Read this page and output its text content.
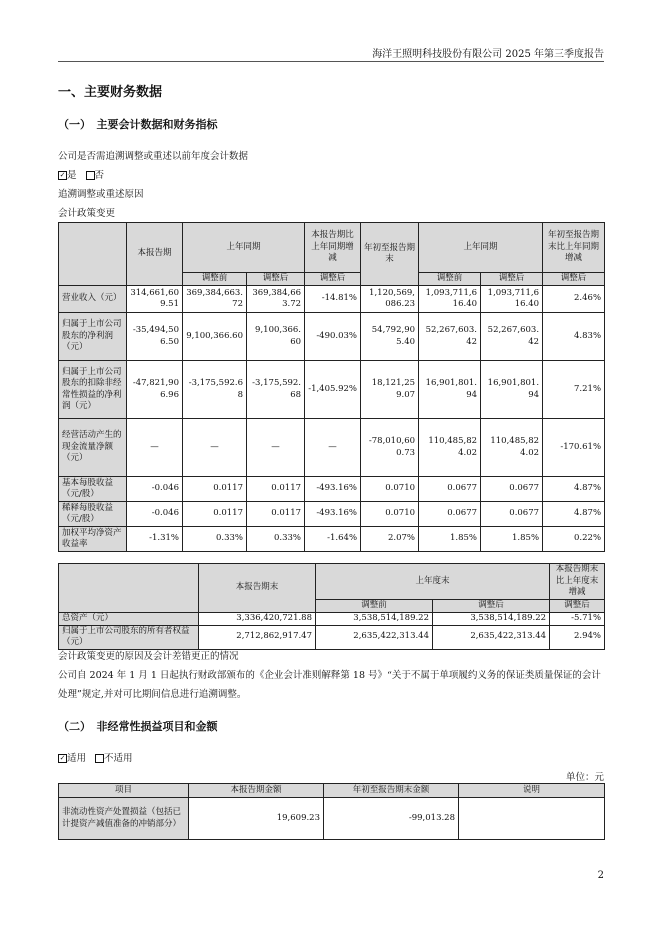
海洋王照明科技股份有限公司 2025 年第三季度报告
一、主要财务数据
（一）　主要会计数据和财务指标
公司是否需追溯调整或重述以前年度会计数据
✓ 是 否
追溯调整或重述原因
会计政策变更
	本报告期	上年同期		本报告期比上年同期增减	年初至报告期末	上年同期		年初至报告期末比上年同期增减
		调整前	调整后	调整后		调整前	调整后	调整后
营业收入（元）	314,661,609.51	369,384,663.72	369,384,663.72	-14.81%	1,120,569,086.23	1,093,711,616.40	1,093,711,616.40	2.46%
归属于上市公司股东的净利润（元）	-35,494,506.50	9,100,366.60	9,100,366.60	-490.03%	54,792,905.40	52,267,603.42	52,267,603.42	4.83%
归属于上市公司股东的扣除非经常性损益的净利润（元）	-47,821,906.96	-3,175,592.68	-3,175,592.68	-1,405.92%	18,121,259.07	16,901,801.94	16,901,801.94	7.21%
经营活动产生的现金流量净额（元）	—	—	—	—	-78,010,600.73	110,485,824.02	110,485,824.02	-170.61%
基本每股收益（元/股）	-0.046	0.0117	0.0117	-493.16%	0.0710	0.0677	0.0677	4.87%
稀释每股收益（元/股）	-0.046	0.0117	0.0117	-493.16%	0.0710	0.0677	0.0677	4.87%
加权平均净资产收益率	-1.31%	0.33%	0.33%	-1.64%	2.07%	1.85%	1.85%	0.22%
	本报告期末	上年度末		本报告期末比上年度末增减
		调整前	调整后	调整后
总资产（元）	3,336,420,721.88	3,538,514,189.22	3,538,514,189.22	-5.71%
归属于上市公司股东的所有者权益（元）	2,712,862,917.47	2,635,422,313.44	2,635,422,313.44	2.94%
会计政策变更的原因及会计差错更正的情况
公司自 2024 年 1 月 1 日起执行财政部颁布的《企业会计准则解释第 18 号》“关于不属于单项履约义务的保证类质量保证的会计处理”规定,并对可比期间信息进行追溯调整。
（二）　非经常性损益项目和金额
✓ 适用 不适用
单位：元
项目	本报告期金额	年初至报告期末金额	说明
非流动性资产处置损益（包括已计提资产减值准备的冲销部分）	19,609.23	-99,013.28	
2
